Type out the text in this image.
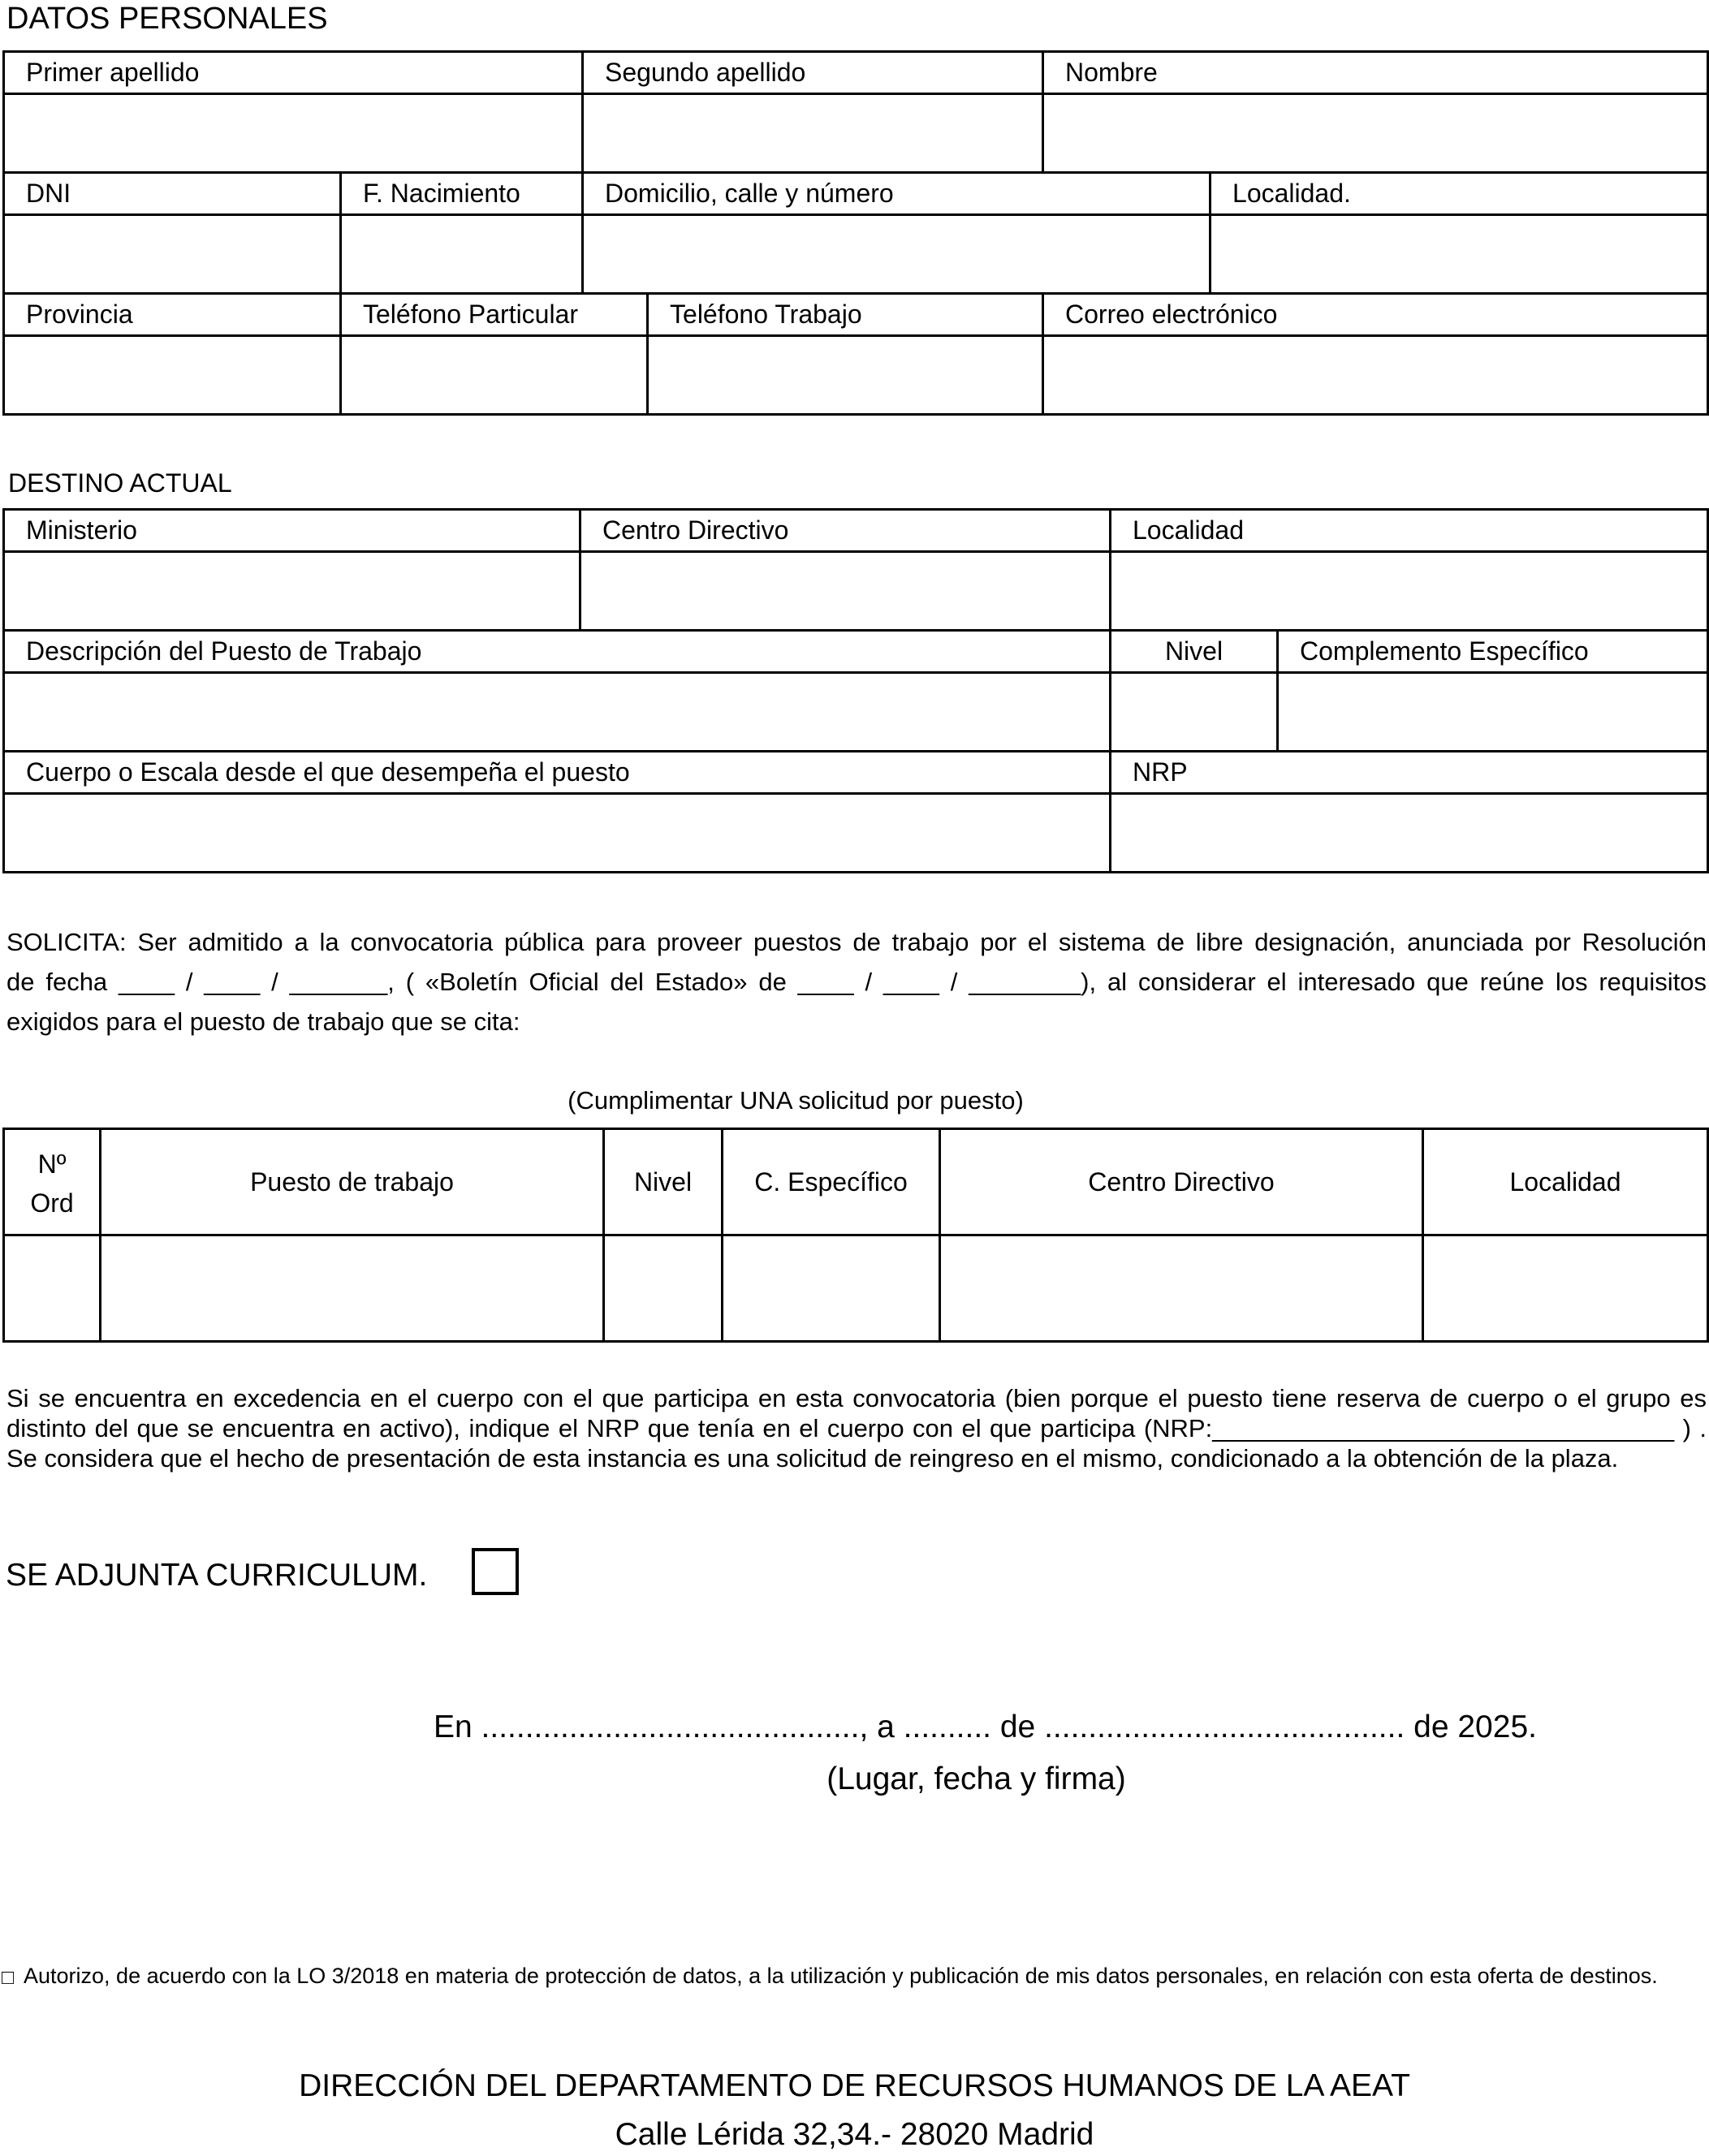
DATOS PERSONALES
Primer apellido		Segundo apellido		Nombre	

DNI	F. Nacimiento	Domicilio, calle y número			Localidad.

Provincia	Teléfono Particular		Teléfono Trabajo	Correo electrónico	

DESTINO ACTUAL
Ministerio	Centro Directivo	Localidad	

Descripción del Puesto de Trabajo		Nivel	Complemento Específico

Cuerpo o Escala desde el que desempeña el puesto		NRP	

SOLICITA: Ser admitido a la convocatoria pública para proveer puestos de trabajo por el sistema de libre designación, anunciada por Resolución
de fecha ____ / ____ / _______, ( «Boletín Oficial del Estado» de ____ / ____ / ________), al considerar el interesado que reúne los requisitos
exigidos para el puesto de trabajo que se cita:
(Cumplimentar UNA solicitud por puesto)
Nº
Ord	Puesto de trabajo	Nivel	C. Específico	Centro Directivo	Localidad

Si se encuentra en excedencia en el cuerpo con el que participa en esta convocatoria (bien porque el puesto tiene reserva de cuerpo o el grupo es distinto del que se encuentra en activo), indique el NRP que tenía en el cuerpo con el que participa (NRP:_________________________________ ) . Se considera que el hecho de presentación de esta instancia es una solicitud de reingreso en el mismo, condicionado a la obtención de la plaza.
SE ADJUNTA CURRICULUM.
En ..........................................., a .......... de ......................................... de 2025.
(Lugar, fecha y firma)
□ Autorizo, de acuerdo con la LO 3/2018 en materia de protección de datos, a la utilización y publicación de mis datos personales, en relación con esta oferta de destinos.
DIRECCIÓN DEL DEPARTAMENTO DE RECURSOS HUMANOS DE LA AEAT
Calle Lérida 32,34.- 28020 Madrid
